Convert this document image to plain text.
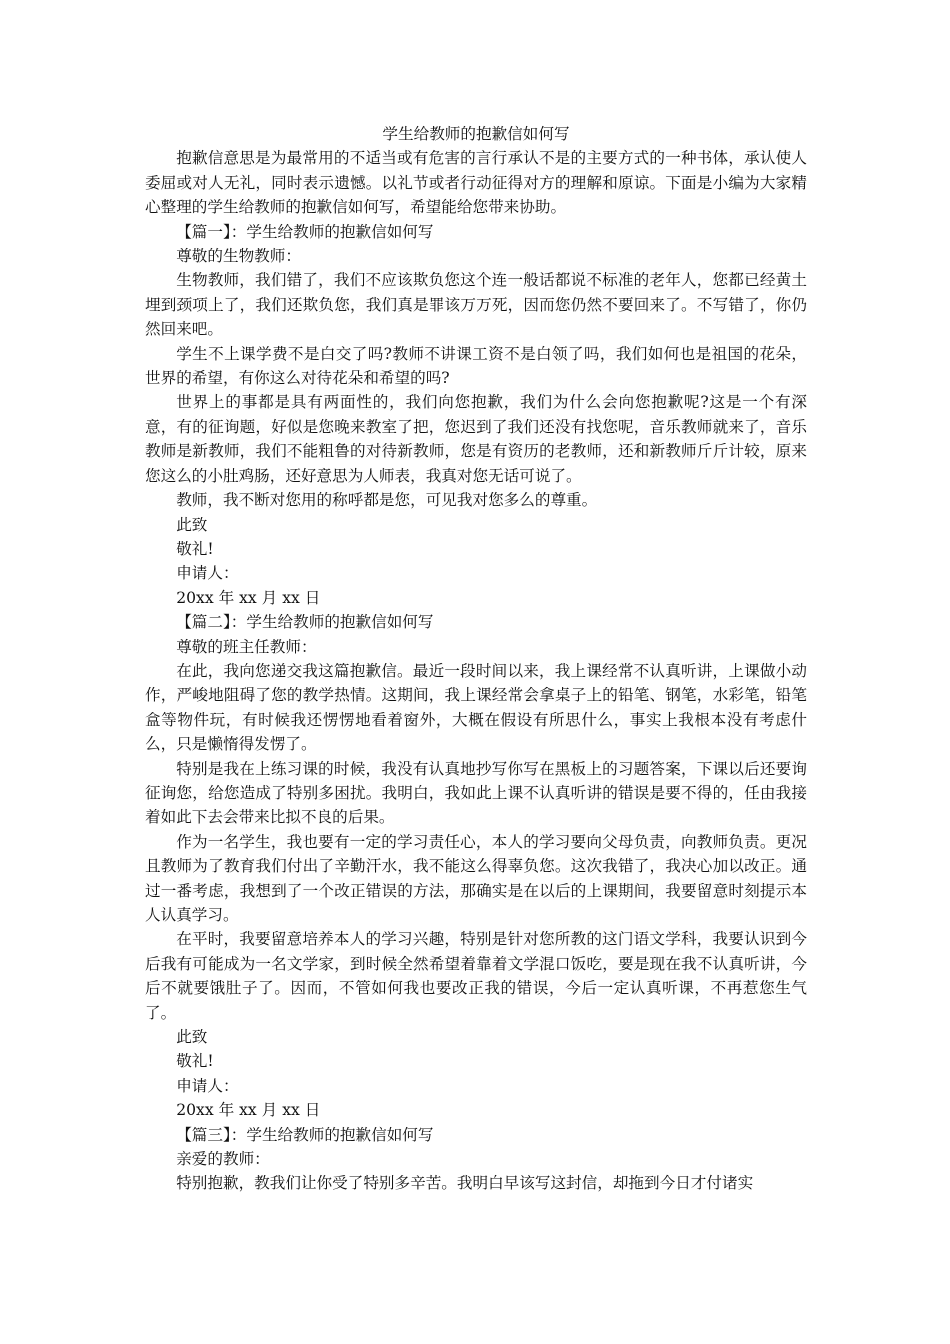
学生给教师的抱歉信如何写

抱歉信意思是为最常用的不适当或有危害的言行承认不是的主要方式的一种书体，承认使人委屈或对人无礼，同时表示遗憾。以礼节或者行动征得对方的理解和原谅。下面是小编为大家精心整理的学生给教师的抱歉信如何写，希望能给您带来协助。

【篇一】：学生给教师的抱歉信如何写

尊敬的生物教师：

生物教师，我们错了，我们不应该欺负您这个连一般话都说不标准的老年人，您都已经黄土埋到颈项上了，我们还欺负您，我们真是罪该万万死，因而您仍然不要回来了。不写错了，你仍然回来吧。

学生不上课学费不是白交了吗?教师不讲课工资不是白领了吗，我们如何也是祖国的花朵，世界的希望，有你这么对待花朵和希望的吗?

世界上的事都是具有两面性的，我们向您抱歉，我们为什么会向您抱歉呢?这是一个有深意，有的征询题，好似是您晚来教室了把，您迟到了我们还没有找您呢，音乐教师就来了，音乐教师是新教师，我们不能粗鲁的对待新教师，您是有资历的老教师，还和新教师斤斤计较，原来您这么的小肚鸡肠，还好意思为人师表，我真对您无话可说了。

教师，我不断对您用的称呼都是您，可见我对您多么的尊重。

此致

敬礼!

申请人：

20xx 年 xx 月 xx 日

【篇二】：学生给教师的抱歉信如何写

尊敬的班主任教师：

在此，我向您递交我这篇抱歉信。最近一段时间以来，我上课经常不认真听讲，上课做小动作，严峻地阻碍了您的教学热情。这期间，我上课经常会拿桌子上的铅笔、钢笔，水彩笔，铅笔盒等物件玩，有时候我还愣愣地看着窗外，大概在假设有所思什么，事实上我根本没有考虑什么，只是懒惰得发愣了。

特别是我在上练习课的时候，我没有认真地抄写你写在黑板上的习题答案，下课以后还要询征询您，给您造成了特别多困扰。我明白，我如此上课不认真听讲的错误是要不得的，任由我接着如此下去会带来比拟不良的后果。

作为一名学生，我也要有一定的学习责任心，本人的学习要向父母负责，向教师负责。更况且教师为了教育我们付出了辛勤汗水，我不能这么得辜负您。这次我错了，我决心加以改正。通过一番考虑，我想到了一个改正错误的方法，那确实是在以后的上课期间，我要留意时刻提示本人认真学习。

在平时，我要留意培养本人的学习兴趣，特别是针对您所教的这门语文学科，我要认识到今后我有可能成为一名文学家，到时候全然希望着靠着文学混口饭吃，要是现在我不认真听讲，今后不就要饿肚子了。因而，不管如何我也要改正我的错误，今后一定认真听课，不再惹您生气了。

此致

敬礼!

申请人：

20xx 年 xx 月 xx 日

【篇三】：学生给教师的抱歉信如何写

亲爱的教师：

特别抱歉，教我们让你受了特别多辛苦。我明白早该写这封信，却拖到今日才付诸实
